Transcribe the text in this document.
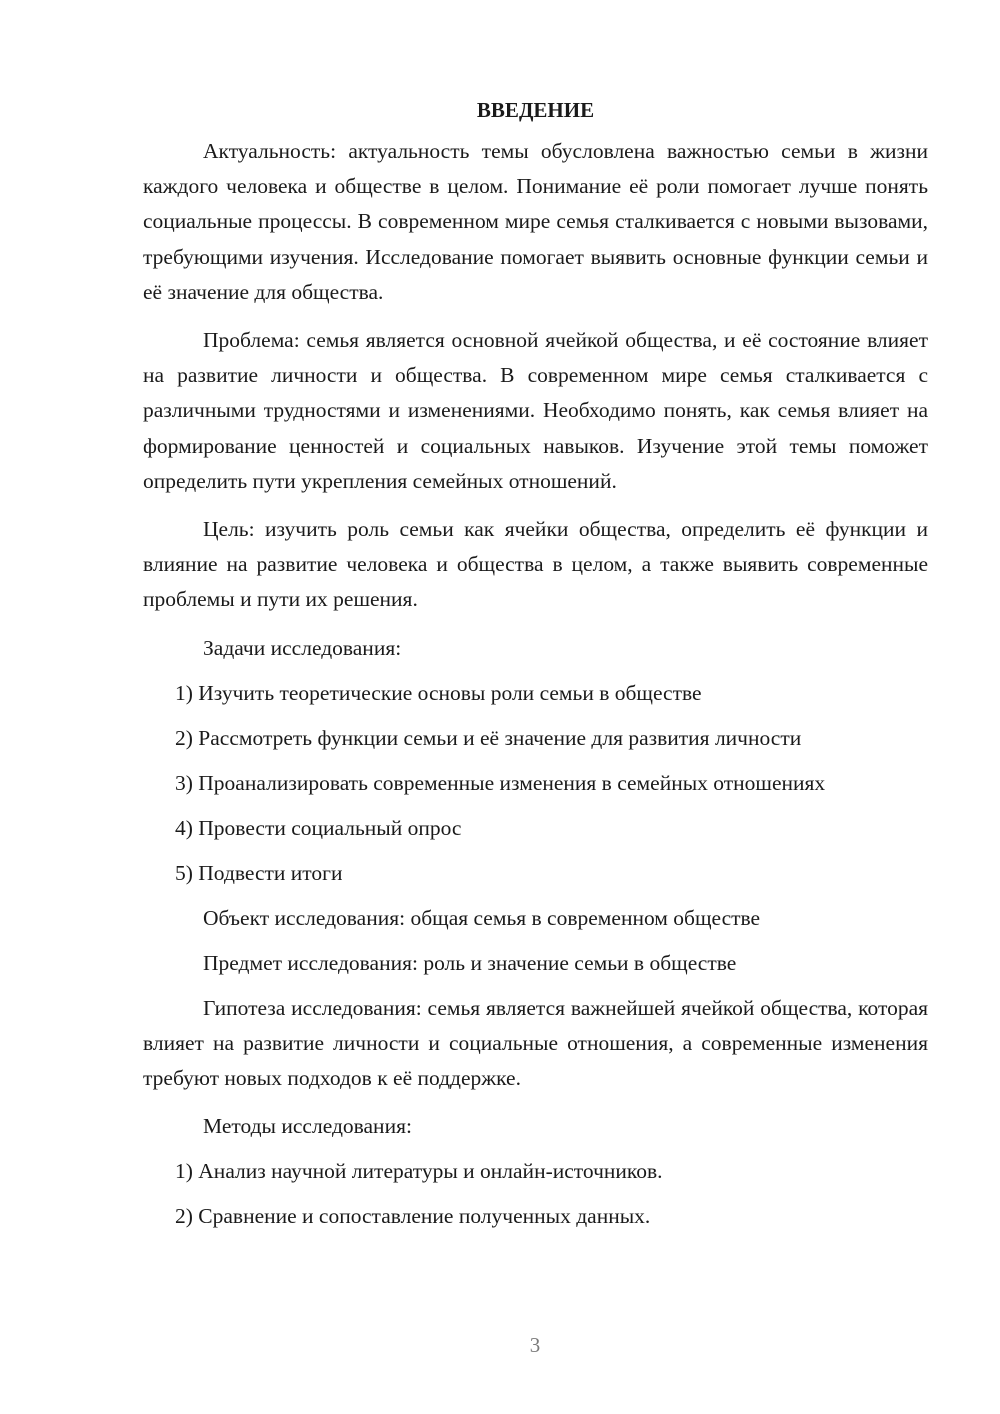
ВВЕДЕНИЕ

Актуальность: актуальность темы обусловлена важностью семьи в жизни каждого человека и обществе в целом. Понимание её роли помогает лучше понять социальные процессы. В современном мире семья сталкивается с новыми вызовами, требующими изучения. Исследование помогает выявить основные функции семьи и её значение для общества.

Проблема: семья является основной ячейкой общества, и её состояние влияет на развитие личности и общества. В современном мире семья сталкивается с различными трудностями и изменениями. Необходимо понять, как семья влияет на формирование ценностей и социальных навыков. Изучение этой темы поможет определить пути укрепления семейных отношений.

Цель: изучить роль семьи как ячейки общества, определить её функции и влияние на развитие человека и общества в целом, а также выявить современные проблемы и пути их решения.

Задачи исследования:
1) Изучить теоретические основы роли семьи в обществе
2) Рассмотреть функции семьи и её значение для развития личности
3) Проанализировать современные изменения в семейных отношениях
4) Провести социальный опрос
5) Подвести итоги
Объект исследования: общая семья в современном обществе
Предмет исследования: роль и значение семьи в обществе

Гипотеза исследования: семья является важнейшей ячейкой общества, которая влияет на развитие личности и социальные отношения, а современные изменения требуют новых подходов к её поддержке.

Методы исследования:
1) Анализ научной литературы и онлайн-источников.
2) Сравнение и сопоставление полученных данных.
3
